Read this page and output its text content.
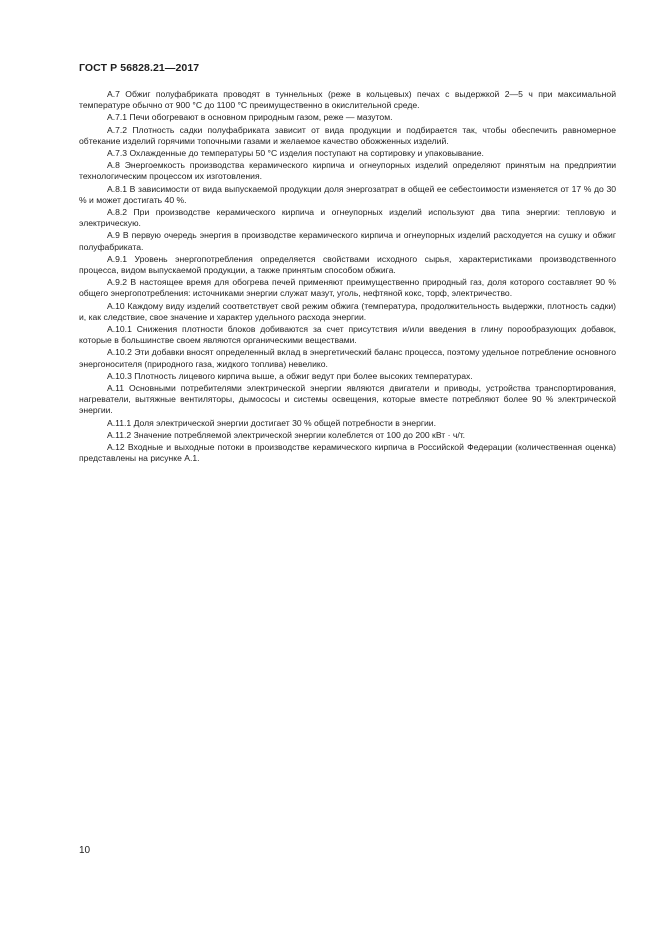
ГОСТ Р 56828.21—2017

А.7 Обжиг полуфабриката проводят в туннельных (реже в кольцевых) печах с выдержкой 2—5 ч при максимальной температуре обычно от 900 °С до 1100 °С преимущественно в окислительной среде.

А.7.1 Печи обогревают в основном природным газом, реже — мазутом.

А.7.2 Плотность садки полуфабриката зависит от вида продукции и подбирается так, чтобы обеспечить равномерное обтекание изделий горячими топочными газами и желаемое качество обожженных изделий.

А.7.3 Охлажденные до температуры 50 °С изделия поступают на сортировку и упаковывание.

А.8 Энергоемкость производства керамического кирпича и огнеупорных изделий определяют принятым на предприятии технологическим процессом их изготовления.

А.8.1 В зависимости от вида выпускаемой продукции доля энергозатрат в общей ее себестоимости изменяется от 17 % до 30 % и может достигать 40 %.

А.8.2 При производстве керамического кирпича и огнеупорных изделий используют два типа энергии: тепловую и электрическую.

А.9 В первую очередь энергия в производстве керамического кирпича и огнеупорных изделий расходуется на сушку и обжиг полуфабриката.

А.9.1 Уровень энергопотребления определяется свойствами исходного сырья, характеристиками производственного процесса, видом выпускаемой продукции, а также принятым способом обжига.

А.9.2 В настоящее время для обогрева печей применяют преимущественно природный газ, доля которого составляет 90 % общего энергопотребления: источниками энергии служат мазут, уголь, нефтяной кокс, торф, электричество.

А.10 Каждому виду изделий соответствует свой режим обжига (температура, продолжительность выдержки, плотность садки) и, как следствие, свое значение и характер удельного расхода энергии.

А.10.1 Снижения плотности блоков добиваются за счет присутствия и/или введения в глину порообразующих добавок, которые в большинстве своем являются органическими веществами.

А.10.2 Эти добавки вносят определенный вклад в энергетический баланс процесса, поэтому удельное потребление основного энергоносителя (природного газа, жидкого топлива) невелико.

А.10.3 Плотность лицевого кирпича выше, а обжиг ведут при более высоких температурах.

А.11 Основными потребителями электрической энергии являются двигатели и приводы, устройства транспортирования, нагреватели, вытяжные вентиляторы, дымососы и системы освещения, которые вместе потребляют более 90 % электрической энергии.

А.11.1 Доля электрической энергии достигает 30 % общей потребности в энергии.

А.11.2 Значение потребляемой электрической энергии колеблется от 100 до 200 кВт · ч/т.

А.12 Входные и выходные потоки в производстве керамического кирпича в Российской Федерации (количественная оценка) представлены на рисунке А.1.

10
